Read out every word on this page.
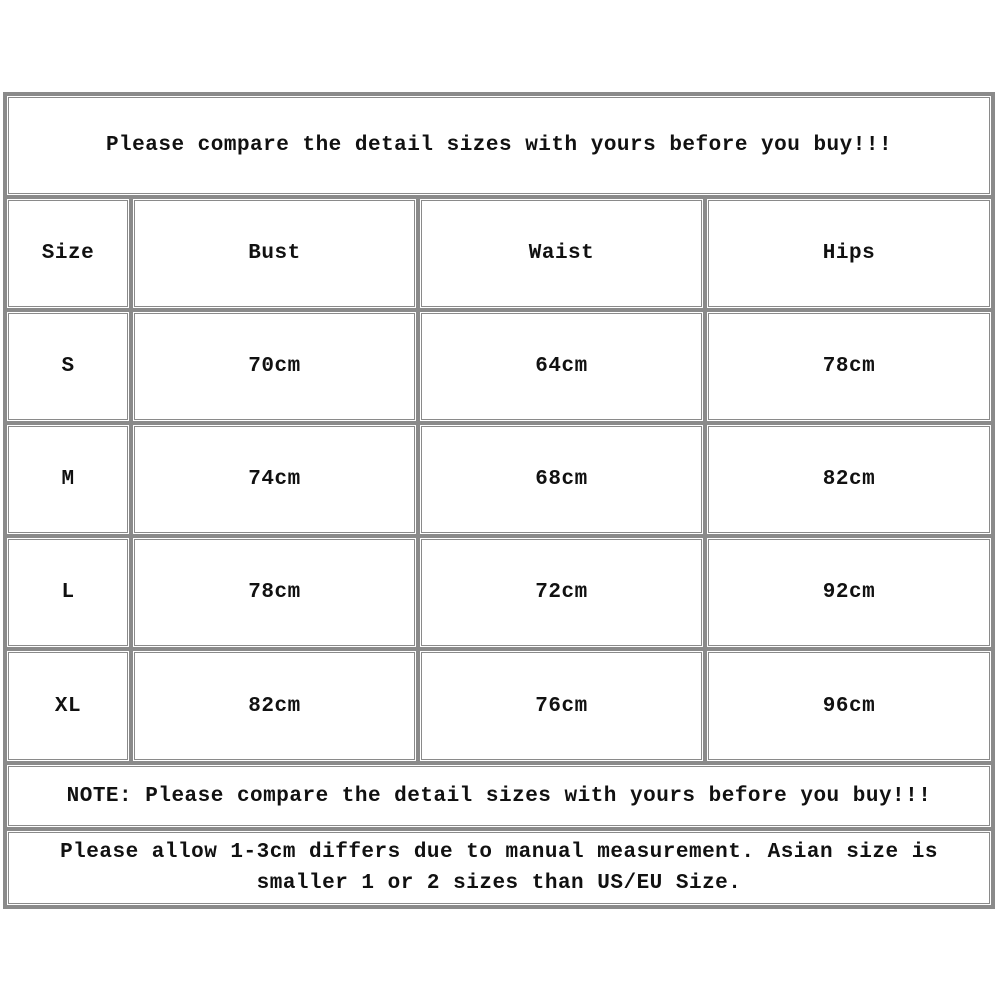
Please compare the detail sizes with yours before you buy!!!
Size	Bust	Waist	Hips
S	70cm	64cm	78cm
M	74cm	68cm	82cm
L	78cm	72cm	92cm
XL	82cm	76cm	96cm
NOTE: Please compare the detail sizes with yours before you buy!!!
Please allow 1-3cm differs due to manual measurement. Asian size is
smaller 1 or 2 sizes than US/EU Size.
